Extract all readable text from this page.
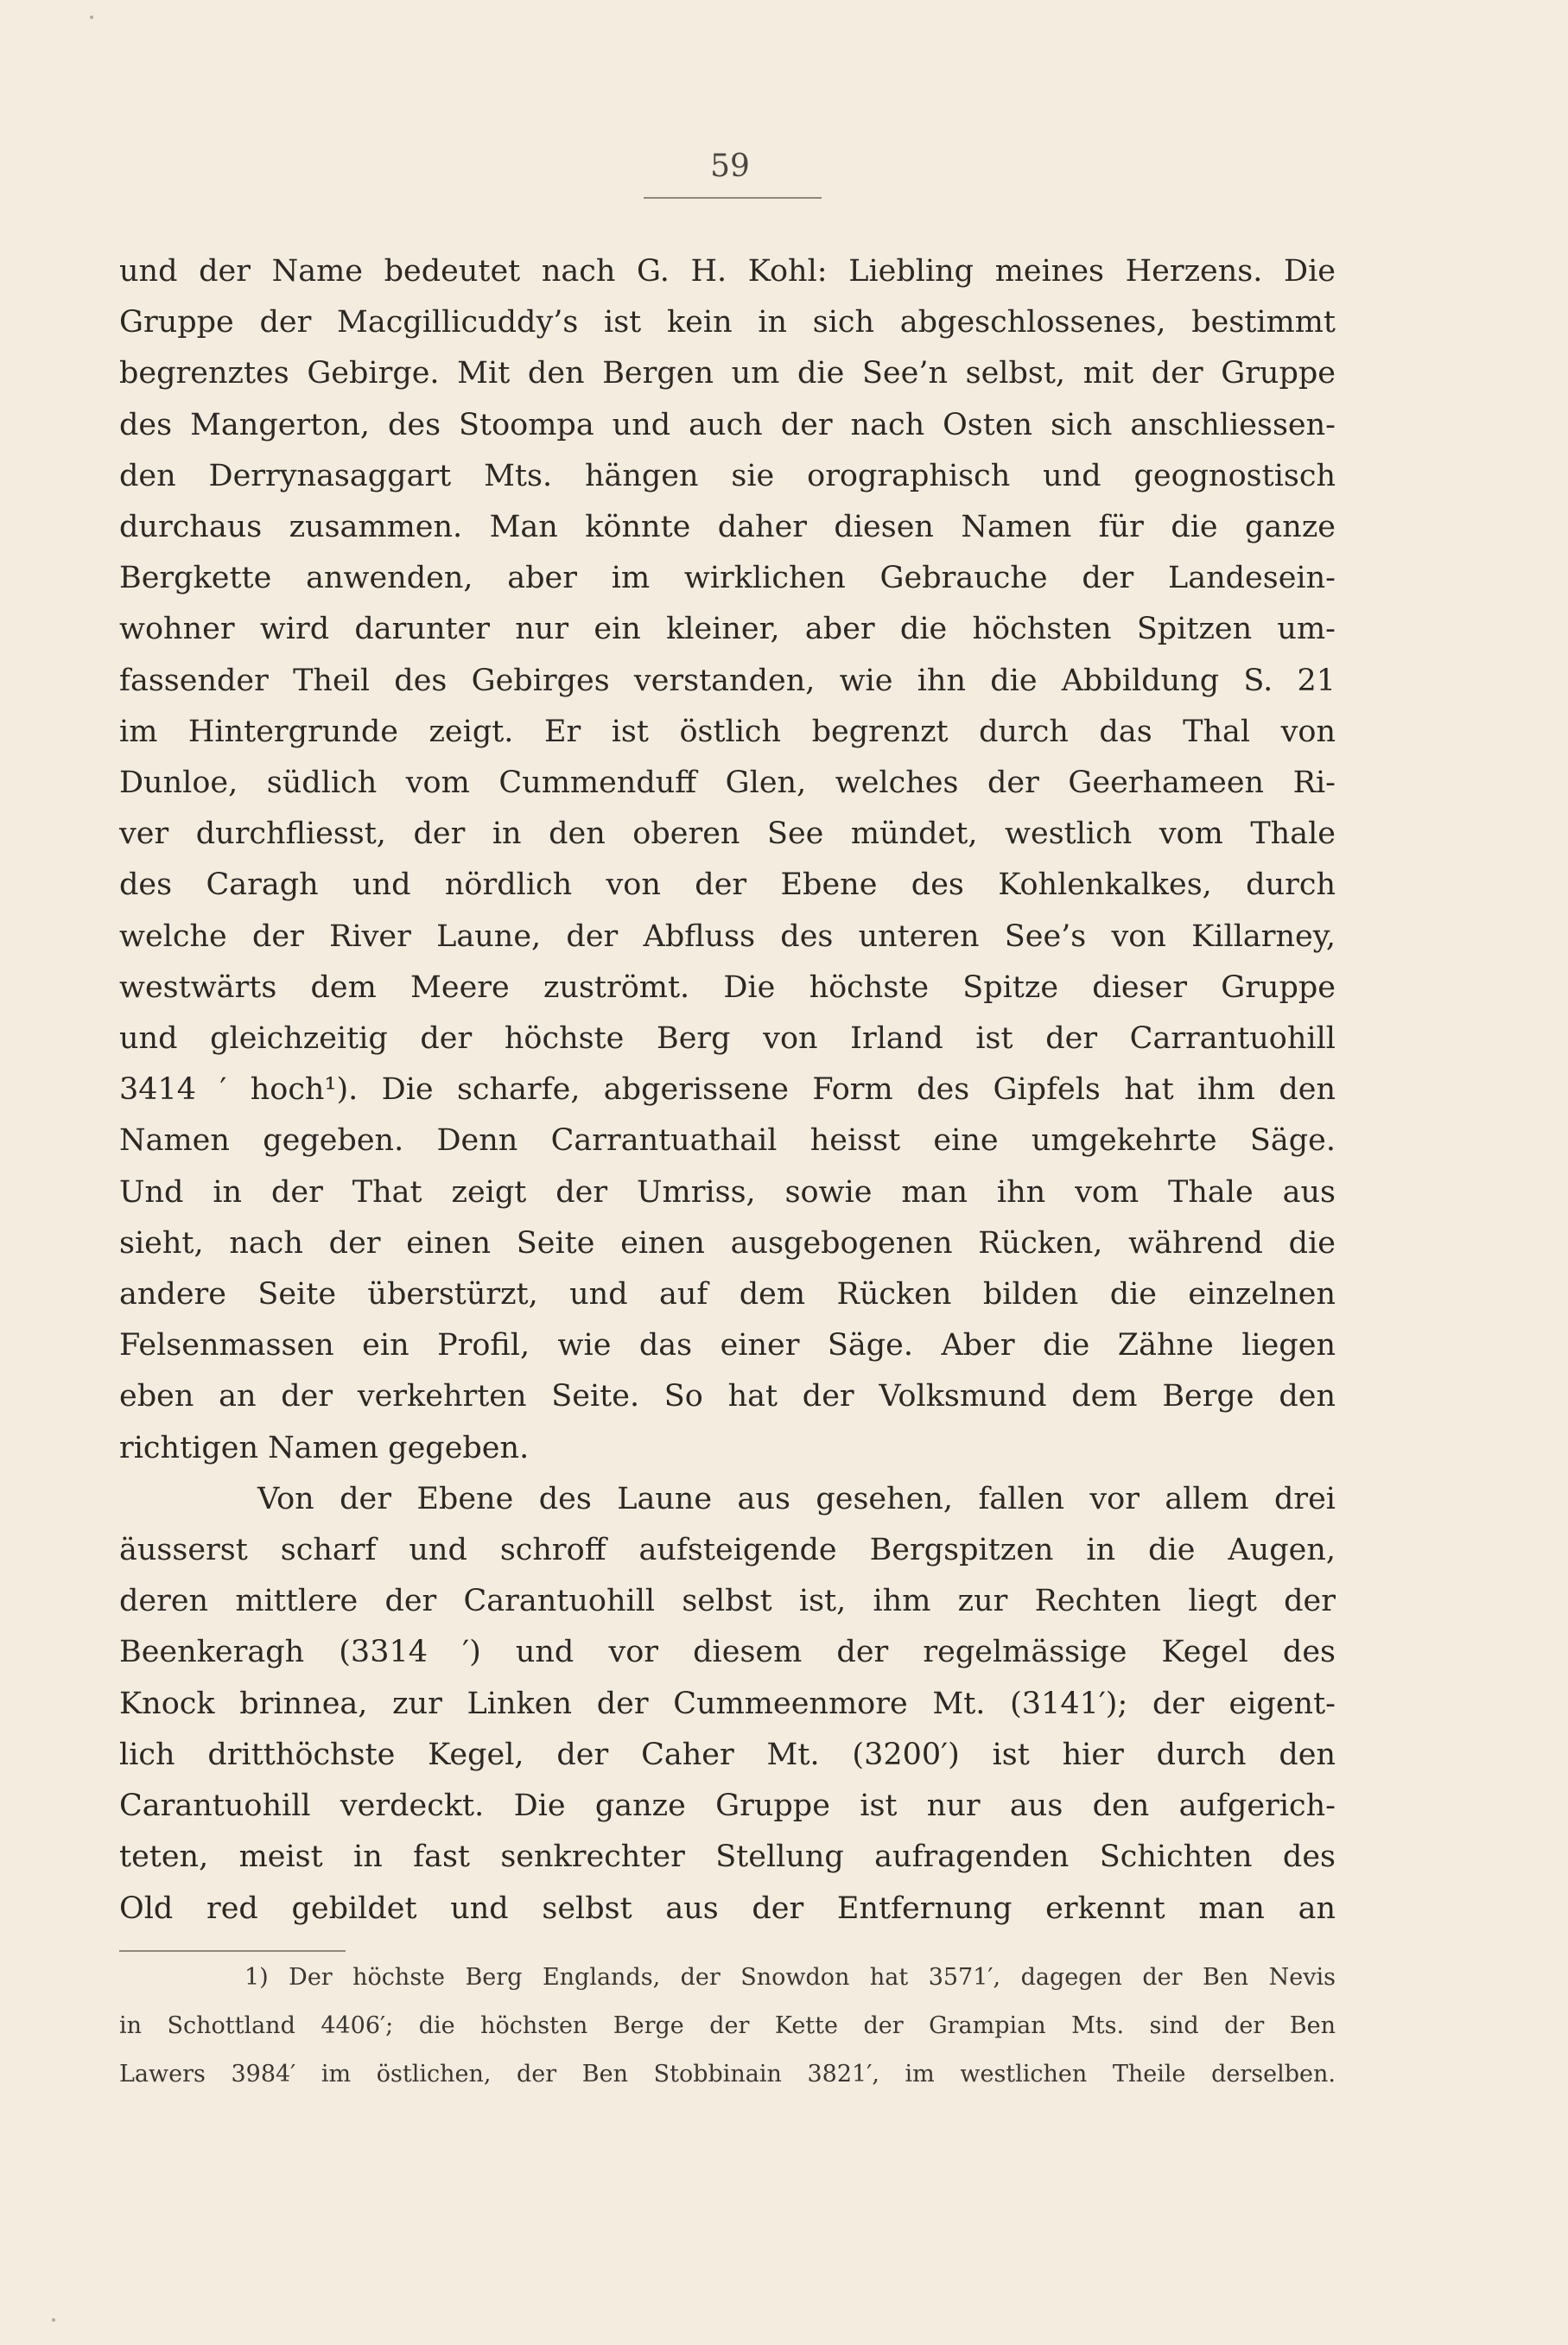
59
und der Name bedeutet nach G. H. Kohl: Liebling meines Herzens. Die
Gruppe der Macgillicuddy’s ist kein in sich abgeschlossenes, bestimmt
begrenztes Gebirge. Mit den Bergen um die See’n selbst, mit der Gruppe
des Mangerton, des Stoompa und auch der nach Osten sich anschliessen-
den Derrynasaggart Mts. hängen sie orographisch und geognostisch
durchaus zusammen. Man könnte daher diesen Namen für die ganze
Bergkette anwenden, aber im wirklichen Gebrauche der Landesein-
wohner wird darunter nur ein kleiner, aber die höchsten Spitzen um-
fassender Theil des Gebirges verstanden, wie ihn die Abbildung S. 21
im Hintergrunde zeigt. Er ist östlich begrenzt durch das Thal von
Dunloe, südlich vom Cummenduff Glen, welches der Geerhameen Ri-
ver durchfliesst, der in den oberen See mündet, westlich vom Thale
des Caragh und nördlich von der Ebene des Kohlenkalkes, durch
welche der River Laune, der Abfluss des unteren See’s von Killarney,
westwärts dem Meere zuströmt. Die höchste Spitze dieser Gruppe
und gleichzeitig der höchste Berg von Irland ist der Carrantuohill
3414 ′ hoch¹). Die scharfe, abgerissene Form des Gipfels hat ihm den
Namen gegeben. Denn Carrantuathail heisst eine umgekehrte Säge.
Und in der That zeigt der Umriss, sowie man ihn vom Thale aus
sieht, nach der einen Seite einen ausgebogenen Rücken, während die
andere Seite überstürzt, und auf dem Rücken bilden die einzelnen
Felsenmassen ein Profil, wie das einer Säge. Aber die Zähne liegen
eben an der verkehrten Seite. So hat der Volksmund dem Berge den
richtigen Namen gegeben.
Von der Ebene des Laune aus gesehen, fallen vor allem drei
äusserst scharf und schroff aufsteigende Bergspitzen in die Augen,
deren mittlere der Carantuohill selbst ist, ihm zur Rechten liegt der
Beenkeragh (3314 ′) und vor diesem der regelmässige Kegel des
Knock brinnea, zur Linken der Cummeenmore Mt. (3141′); der eigent-
lich dritthöchste Kegel, der Caher Mt. (3200′) ist hier durch den
Carantuohill verdeckt. Die ganze Gruppe ist nur aus den aufgerich-
teten, meist in fast senkrechter Stellung aufragenden Schichten des
Old red gebildet und selbst aus der Entfernung erkennt man an
1) Der höchste Berg Englands, der Snowdon hat 3571′, dagegen der Ben Nevis
in Schottland 4406′; die höchsten Berge der Kette der Grampian Mts. sind der Ben
Lawers 3984′ im östlichen, der Ben Stobbinain 3821′, im westlichen Theile derselben.
